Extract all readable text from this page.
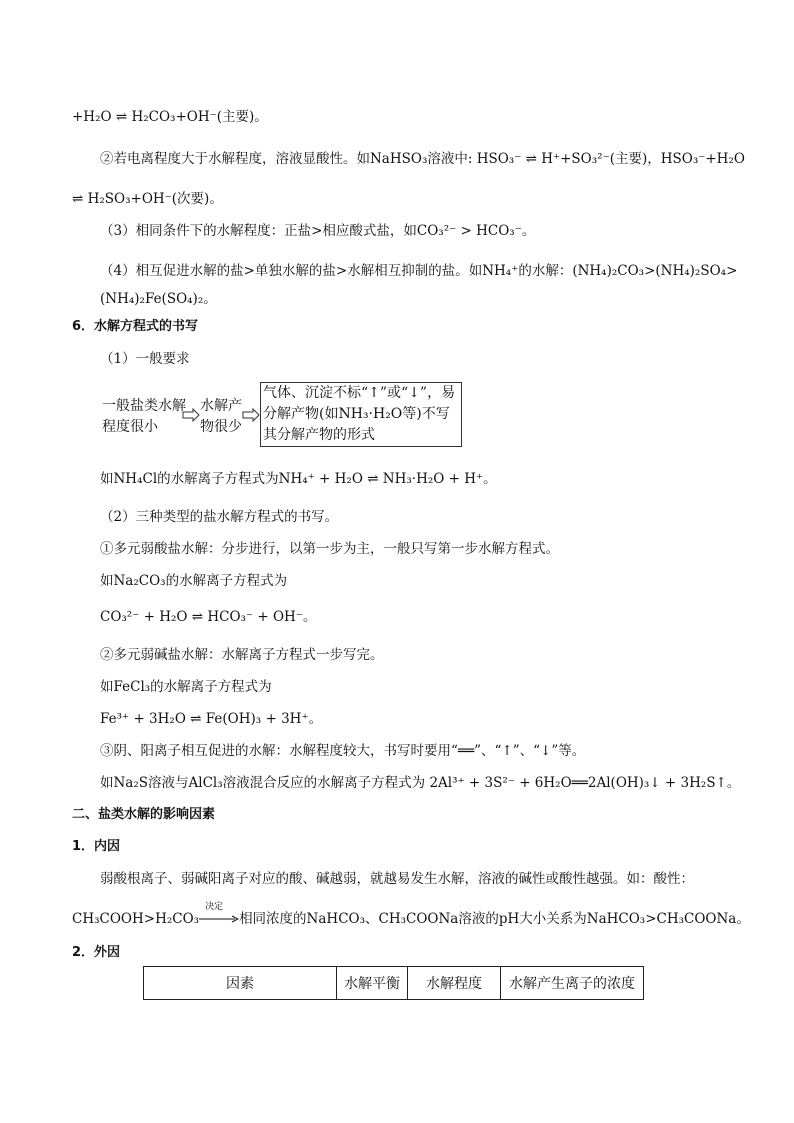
+H₂O ⇌ H₂CO₃+OH⁻(主要)。
②若电离程度大于水解程度，溶液显酸性。如NaHSO₃溶液中: HSO₃⁻ ⇌ H⁺+SO₃²⁻(主要)，HSO₃⁻+H₂O
⇌ H₂SO₃+OH⁻(次要)。
（3）相同条件下的水解程度：正盐>相应酸式盐，如CO₃²⁻ > HCO₃⁻。
（4）相互促进水解的盐>单独水解的盐>水解相互抑制的盐。如NH₄⁺的水解：(NH₄)₂CO₃>(NH₄)₂SO₄>
(NH₄)₂Fe(SO₄)₂。
6．水解方程式的书写
（1）一般要求
一般盐类水解程度很小
水解产物很少
气体、沉淀不标“↑”或“↓”，易分解产物(如NH₃·H₂O等)不写其分解产物的形式
如NH₄Cl的水解离子方程式为NH₄⁺ + H₂O ⇌ NH₃·H₂O + H⁺。
（2）三种类型的盐水解方程式的书写。
①多元弱酸盐水解：分步进行，以第一步为主，一般只写第一步水解方程式。
如Na₂CO₃的水解离子方程式为
CO₃²⁻ + H₂O ⇌ HCO₃⁻ + OH⁻。
②多元弱碱盐水解：水解离子方程式一步写完。
如FeCl₃的水解离子方程式为
Fe³⁺ + 3H₂O ⇌ Fe(OH)₃ + 3H⁺。
③阴、阳离子相互促进的水解：水解程度较大，书写时要用“══”、“↑”、“↓”等。
如Na₂S溶液与AlCl₃溶液混合反应的水解离子方程式为 2Al³⁺ + 3S²⁻ + 6H₂O══2Al(OH)₃↓ + 3H₂S↑。
二、盐类水解的影响因素
1．内因
弱酸根离子、弱碱阳离子对应的酸、碱越弱，就越易发生水解，溶液的碱性或酸性越强。如：酸性：
CH₃COOH>H₂CO₃
决定
相同浓度的NaHCO₃、CH₃COONa溶液的pH大小关系为NaHCO₃>CH₃COONa。
2．外因
因素	水解平衡	水解程度	水解产生离子的浓度
